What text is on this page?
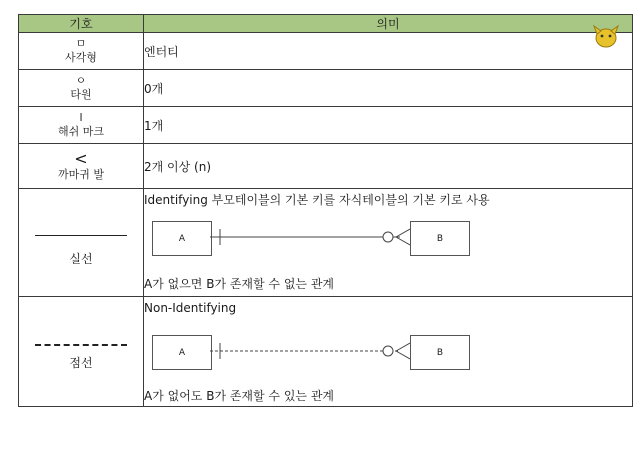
기호	의미

ㅁ
사각형	엔터티

ㅇ
타원	0개

l
해쉬 마크	1개

<
까마귀 발	2개 이상 (n)

실선	Identifying 부모테이블의 기본 키를 자식테이블의 기본 키로 사용
A B
A가 없으면 B가 존재할 수 없는 관계

점선	Non-Identifying
A B
A가 없어도 B가 존재할 수 있는 관계
